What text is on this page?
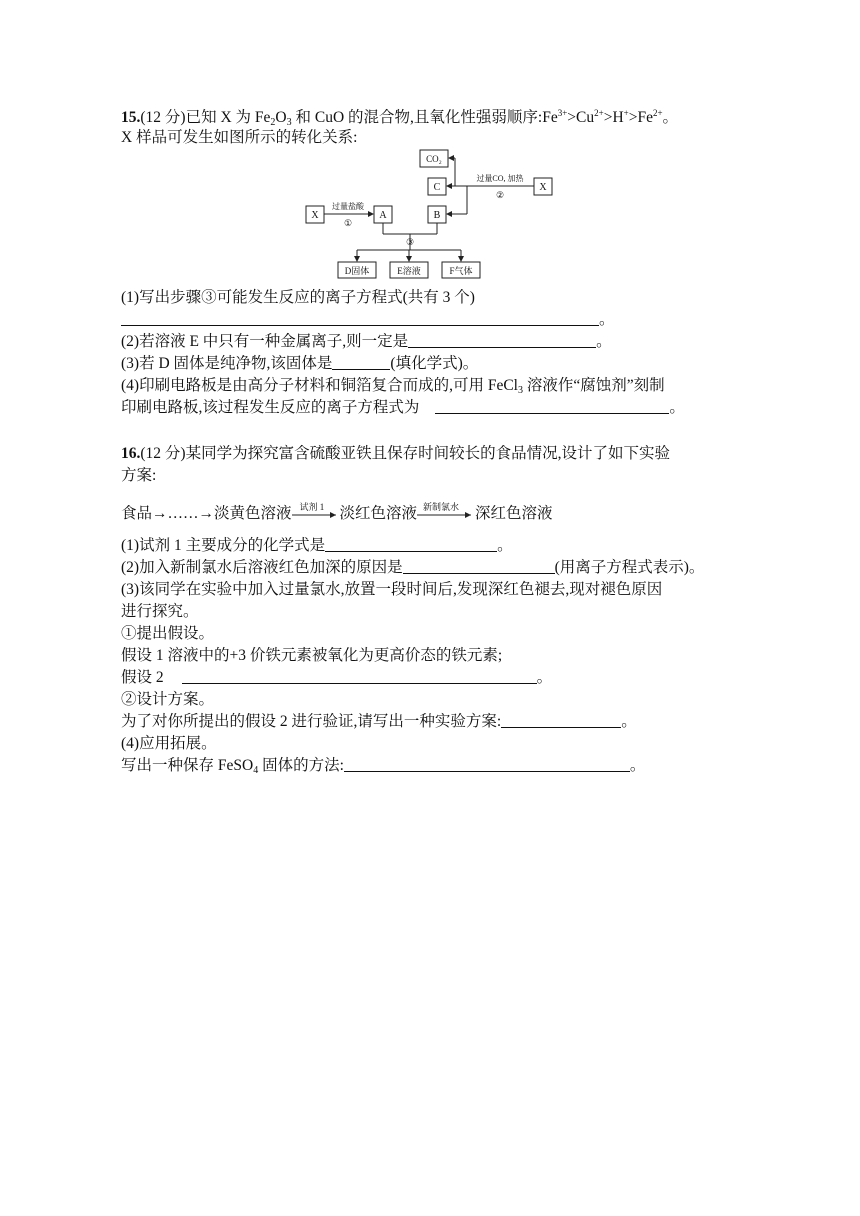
15.(12 分)已知 X 为 $Fe_2O_3$ 和 CuO 的混合物,且氧化性强弱顺序$:Fe^{3+}>Cu^{2+}>H^+>Fe^{2+}$。
X 样品可发生如图所示的转化关系:
CO₂
C	X
X	A	B
D固体	E溶液	F气体
过量盐酸
①
过量CO, 加热
②
③
(1)写出步骤③可能发生反应的离子方程式(共有 3 个)
。
(2)若溶液 E 中只有一种金属离子,则一定是	。
(3)若 D 固体是纯净物,该固体是	(填化学式)。
(4)印刷电路板是由高分子材料和铜箔复合而成的,可用 FeCl$_3$ 溶液作“腐蚀剂”刻制
印刷电路板,该过程发生反应的离子方程式为	。
16.(12 分)某同学为探究富含硫酸亚铁且保存时间较长的食品情况,设计了如下实验
方案:
食品→……→淡黄色溶液 试剂 1 淡红色溶液 新制氯水 深红色溶液
(1)试剂 1 主要成分的化学式是	。
(2)加入新制氯水后溶液红色加深的原因是	(用离子方程式表示)。
(3)该同学在实验中加入过量氯水,放置一段时间后,发现深红色褪去,现对褪色原因
进行探究。
①提出假设。
假设 1 溶液中的+3 价铁元素被氧化为更高价态的铁元素;
假设 2	。
②设计方案。
为了对你所提出的假设 2 进行验证,请写出一种实验方案:	。
(4)应用拓展。
写出一种保存 FeSO$_4$ 固体的方法:	。
